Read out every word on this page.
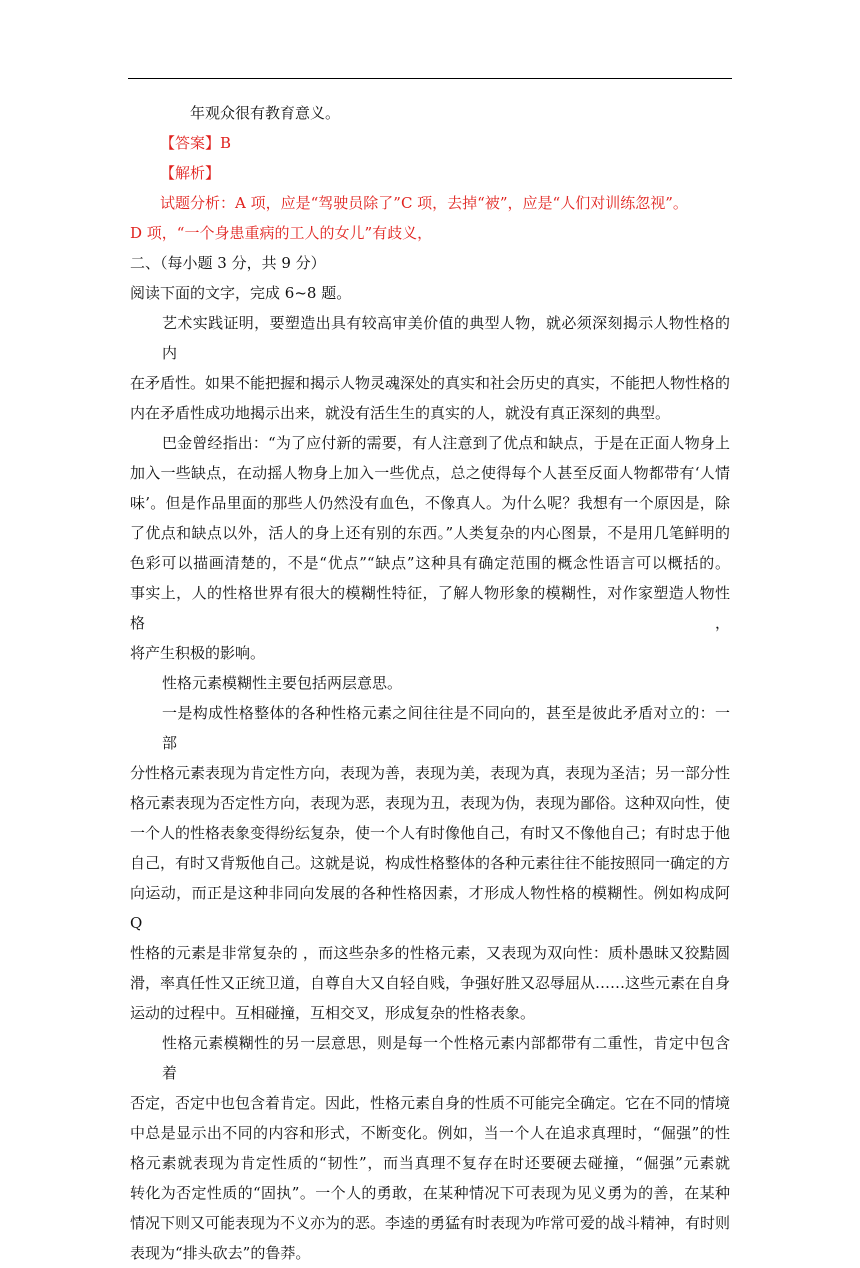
年观众很有教育意义。
【答案】B
【解析】
试题分析：A 项，应是“驾驶员除了”C 项，去掉“被”，应是“人们对训练忽视”。
D 项，“一个身患重病的工人的女儿”有歧义，
二、（每小题 3 分，共 9 分）
阅读下面的文字，完成 6~8 题。
艺术实践证明，要塑造出具有较高审美价值的典型人物，就必须深刻揭示人物性格的内
在矛盾性。如果不能把握和揭示人物灵魂深处的真实和社会历史的真实，不能把人物性格的
内在矛盾性成功地揭示出来，就没有活生生的真实的人，就没有真正深刻的典型。
巴金曾经指出：“为了应付新的需要，有人注意到了优点和缺点，于是在正面人物身上
加入一些缺点，在动摇人物身上加入一些优点，总之使得每个人甚至反面人物都带有‘人情
味’。但是作品里面的那些人仍然没有血色，不像真人。为什么呢？我想有一个原因是，除
了优点和缺点以外，活人的身上还有别的东西。”人类复杂的内心图景，不是用几笔鲜明的
色彩可以描画清楚的，不是“优点”“缺点”这种具有确定范围的概念性语言可以概括的。
事实上，人的性格世界有很大的模糊性特征，了解人物形象的模糊性，对作家塑造人物性格，
将产生积极的影响。
性格元素模糊性主要包括两层意思。
一是构成性格整体的各种性格元素之间往往是不同向的，甚至是彼此矛盾对立的：一部
分性格元素表现为肯定性方向，表现为善，表现为美，表现为真，表现为圣洁；另一部分性
格元素表现为否定性方向，表现为恶，表现为丑，表现为伪，表现为鄙俗。这种双向性，使
一个人的性格表象变得纷纭复杂，使一个人有时像他自己，有时又不像他自己；有时忠于他
自己，有时又背叛他自己。这就是说，构成性格整体的各种元素往往不能按照同一确定的方
向运动，而正是这种非同向发展的各种性格因素，才形成人物性格的模糊性。例如构成阿 Q
性格的元素是非常复杂的 ，而这些杂多的性格元素，又表现为双向性：质朴愚昧又狡黠圆
滑，率真任性又正统卫道，自尊自大又自轻自贱，争强好胜又忍辱屈从……这些元素在自身
运动的过程中。互相碰撞，互相交叉，形成复杂的性格表象。
性格元素模糊性的另一层意思，则是每一个性格元素内部都带有二重性，肯定中包含着
否定，否定中也包含着肯定。因此，性格元素自身的性质不可能完全确定。它在不同的情境
中总是显示出不同的内容和形式，不断变化。例如，当一个人在追求真理时，“倔强”的性
格元素就表现为肯定性质的“韧性”，而当真理不复存在时还要硬去碰撞，“倔强”元素就
转化为否定性质的“固执”。一个人的勇敢，在某种情况下可表现为见义勇为的善，在某种
情况下则又可能表现为不义亦为的恶。李逵的勇猛有时表现为咋常可爱的战斗精神，有时则
表现为“排头砍去”的鲁莽。
